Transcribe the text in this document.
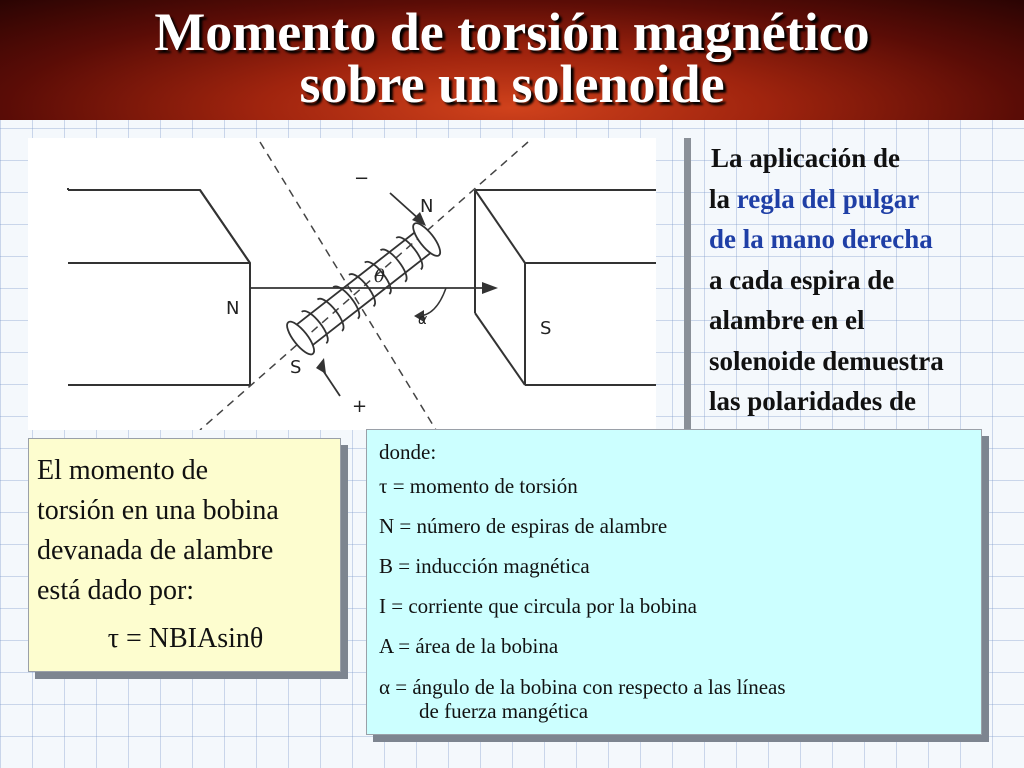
Momento de torsión magnético
sobre un solenoide
N
S
N
S
θ
α
−
+
La aplicación de
la regla del pulgar
de la mano derecha
a cada espira de
alambre en el
solenoide demuestra
las polaridades de
El momento de
torsión en una bobina
devanada de alambre
está dado por:
τ = NBIAsinθ
donde:
τ = momento de torsión
N = número de espiras de alambre
B = inducción magnética
I = corriente que circula por la bobina
A = área de la bobina
α = ángulo de la bobina con respecto a las líneas
de fuerza mangética
